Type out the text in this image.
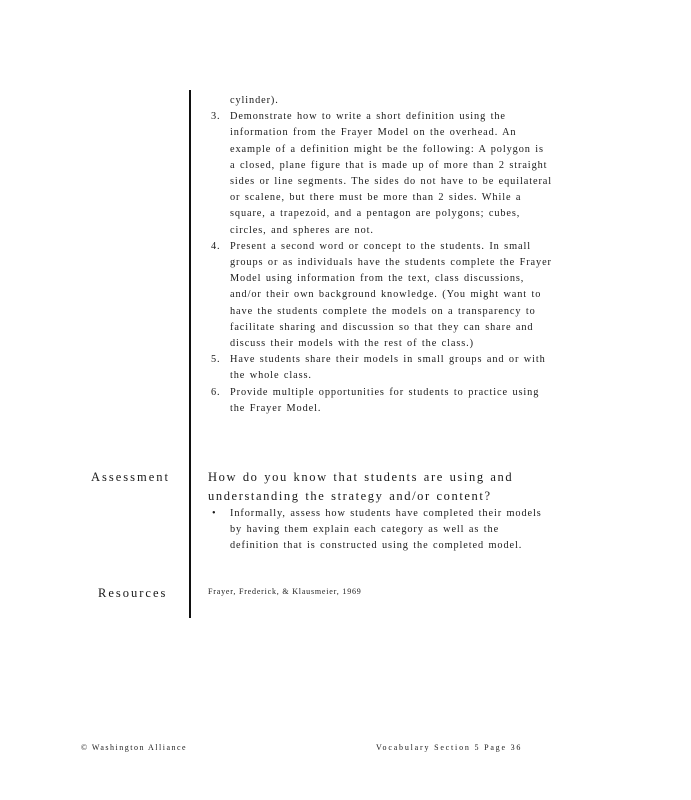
cylinder).
3. Demonstrate how to write a short definition using the information from the Frayer Model on the overhead. An example of a definition might be the following: A polygon is a closed, plane figure that is made up of more than 2 straight sides or line segments. The sides do not have to be equilateral or scalene, but there must be more than 2 sides. While a square, a trapezoid, and a pentagon are polygons; cubes, circles, and spheres are not.
4. Present a second word or concept to the students. In small groups or as individuals have the students complete the Frayer Model using information from the text, class discussions, and/or their own background knowledge. (You might want to have the students complete the models on a transparency to facilitate sharing and discussion so that they can share and discuss their models with the rest of the class.)
5. Have students share their models in small groups and or with the whole class.
6. Provide multiple opportunities for students to practice using the Frayer Model.
Assessment	How do you know that students are using and understanding the strategy and/or content?
• Informally, assess how students have completed their models by having them explain each category as well as the definition that is constructed using the completed model.
Resources	Frayer, Frederick, & Klausmeier, 1969
© Washington Alliance	Vocabulary Section 5 Page 36
